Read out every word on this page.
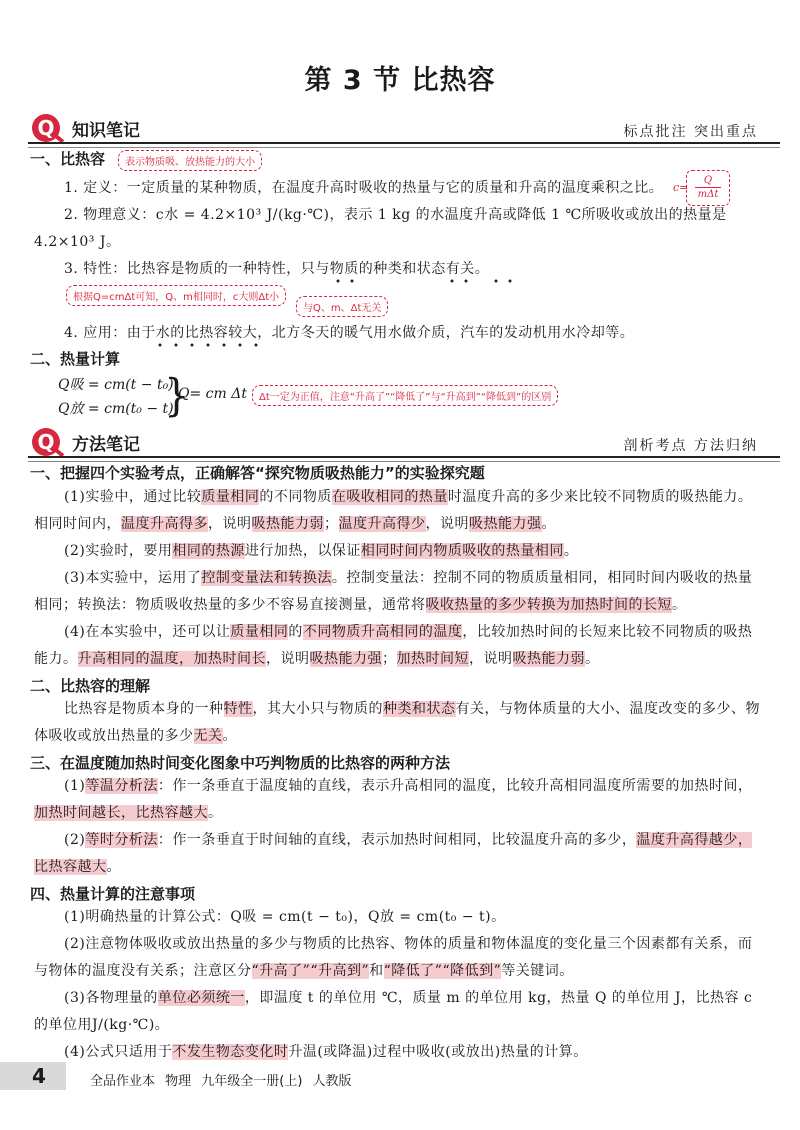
第 3 节 比热容
Q	知识笔记	标点批注 突出重点
一、比热容	表示物质吸、放热能力的大小
1. 定义：一定质量的某种物质，在温度升高时吸收的热量与它的质量和升高的温度乘积之比。 c=
Q
mΔt
2. 物理意义：c水 = 4.2×10³ J/(kg·℃)，表示 1 kg 的水温度升高或降低 1 ℃所吸收或放出的热量是 4.2×10³ J。
3. 特性：比热容是物质的一种特性，只与物质的种类和状态有关。
根据Q=cmΔt可知，Q、m相同时，c大则Δt小
与Q、m、Δt无关
4. 应用：由于水的比热容较大，北方冬天的暖气用水做介质，汽车的发动机用水冷却等。
二、热量计算
Q吸 = cm(t − t₀)
Q放 = cm(t₀ − t)
}
Q= cm Δt	Δt一定为正值，注意“升高了”“降低了”与“升高到”“降低到”的区别
Q	方法笔记	剖析考点 方法归纳
一、把握四个实验考点，正确解答“探究物质吸热能力”的实验探究题
(1)实验中，通过比较质量相同的不同物质在吸收相同的热量时温度升高的多少来比较不同物质的吸热能力。相同时间内，温度升高得多，说明吸热能力弱；温度升高得少，说明吸热能力强。
(2)实验时，要用相同的热源进行加热，以保证相同时间内物质吸收的热量相同。
(3)本实验中，运用了控制变量法和转换法。控制变量法：控制不同的物质质量相同，相同时间内吸收的热量相同；转换法：物质吸收热量的多少不容易直接测量，通常将吸收热量的多少转换为加热时间的长短。
(4)在本实验中，还可以让质量相同的不同物质升高相同的温度，比较加热时间的长短来比较不同物质的吸热能力。升高相同的温度，加热时间长，说明吸热能力强；加热时间短，说明吸热能力弱。
二、比热容的理解
比热容是物质本身的一种特性，其大小只与物质的种类和状态有关，与物体质量的大小、温度改变的多少、物体吸收或放出热量的多少无关。
三、在温度随加热时间变化图象中巧判物质的比热容的两种方法
(1)等温分析法：作一条垂直于温度轴的直线，表示升高相同的温度，比较升高相同温度所需要的加热时间，加热时间越长，比热容越大。
(2)等时分析法：作一条垂直于时间轴的直线，表示加热时间相同，比较温度升高的多少，温度升高得越少，比热容越大。
四、热量计算的注意事项
(1)明确热量的计算公式：Q吸 = cm(t − t₀)，Q放 = cm(t₀ − t)。
(2)注意物体吸收或放出热量的多少与物质的比热容、物体的质量和物体温度的变化量三个因素都有关系，而与物体的温度没有关系；注意区分“升高了”“升高到”和“降低了”“降低到”等关键词。
(3)各物理量的单位必须统一，即温度 t 的单位用 ℃，质量 m 的单位用 kg，热量 Q 的单位用 J，比热容 c 的单位用J/(kg·℃)。
(4)公式只适用于不发生物态变化时升温(或降温)过程中吸收(或放出)热量的计算。
4	全品作业本 物理 九年级全一册(上) 人教版
